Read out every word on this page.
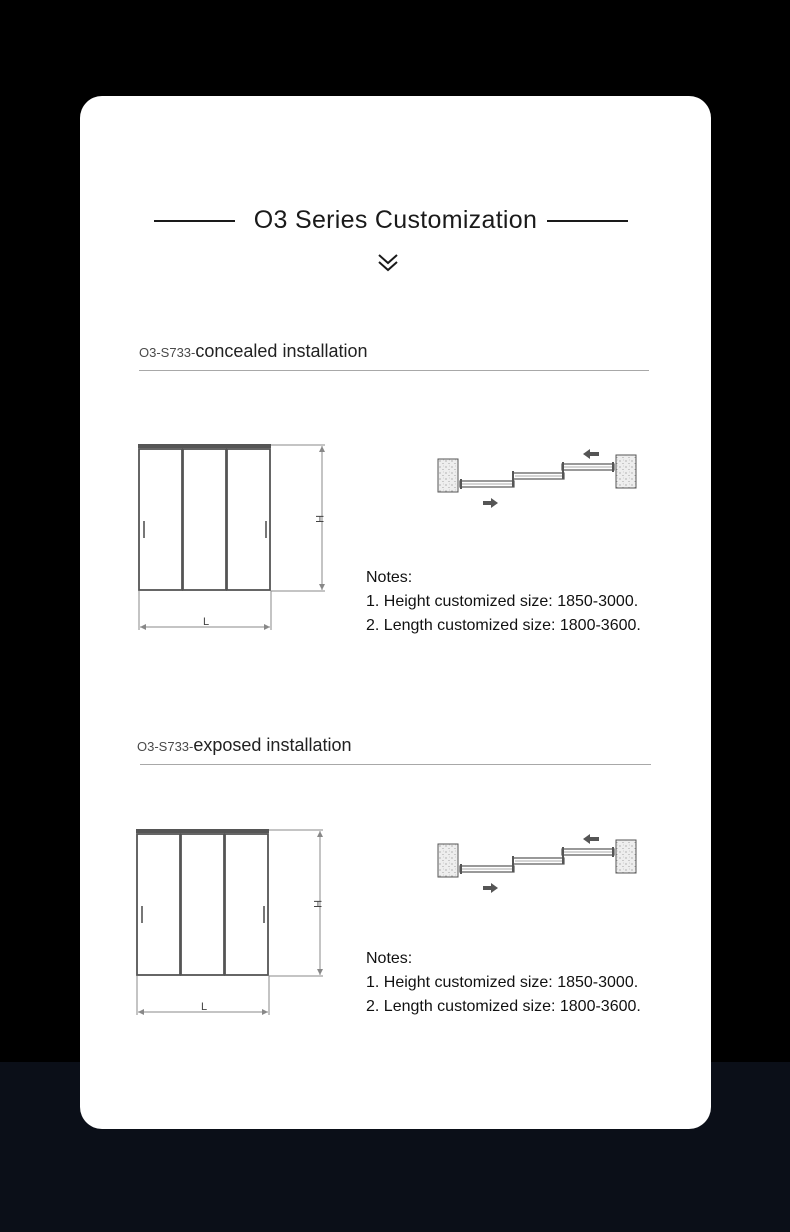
O3 Series Customization
O3-S733-concealed installation
H
L
Notes:
1. Height customized size: 1850-3000.
2. Length customized size: 1800-3600.
O3-S733-exposed installation
H
L
Notes:
1. Height customized size: 1850-3000.
2. Length customized size: 1800-3600.
